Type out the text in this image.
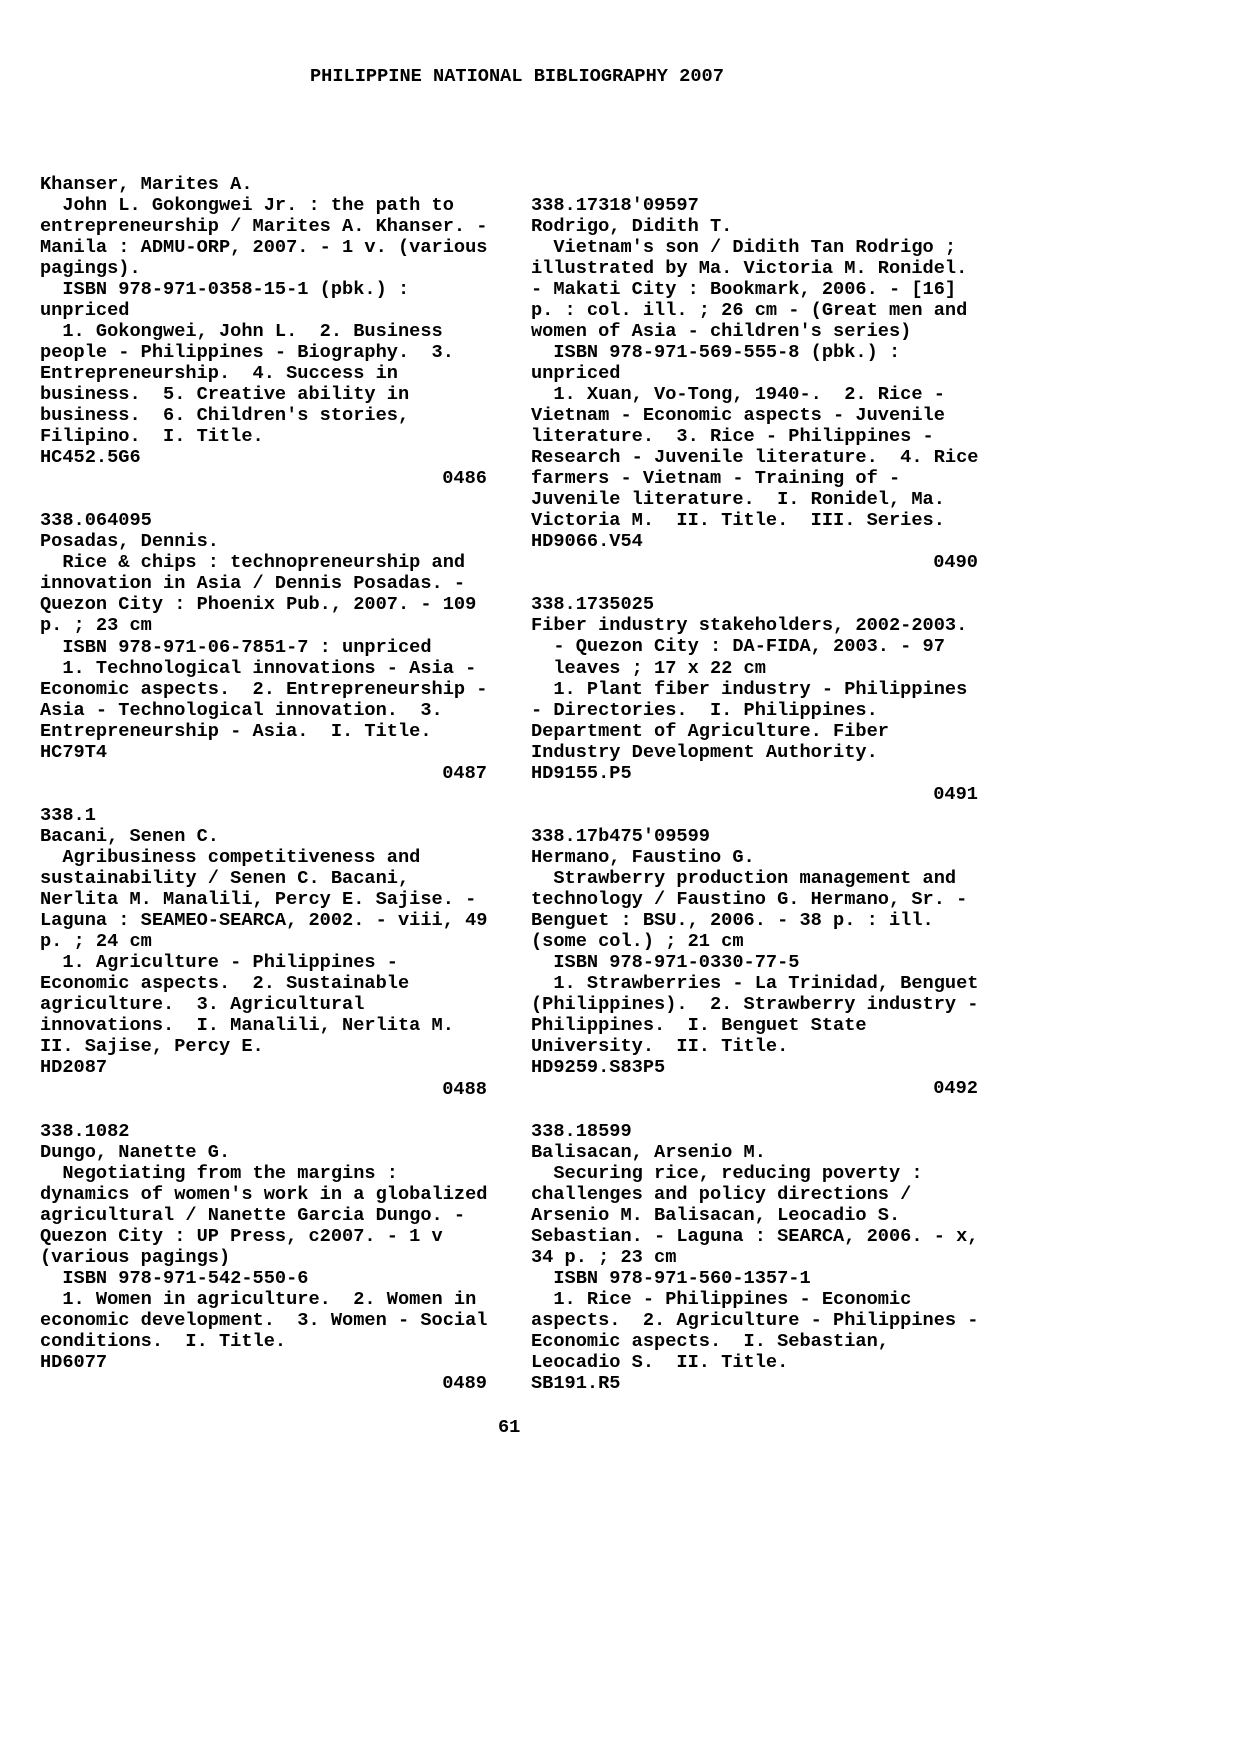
PHILIPPINE NATIONAL BIBLIOGRAPHY 2007
Khanser, Marites A.
John L. Gokongwei Jr. : the path to
entrepreneurship / Marites A. Khanser. -
Manila : ADMU-ORP, 2007. - 1 v. (various
pagings).
ISBN 978-971-0358-15-1 (pbk.) :
unpriced
1. Gokongwei, John L.  2. Business
people - Philippines - Biography.  3.
Entrepreneurship.  4. Success in
business.  5. Creative ability in
business.  6. Children's stories,
Filipino.  I. Title.
HC452.5G6
0486
338.064095
Posadas, Dennis.
Rice & chips : technopreneurship and
innovation in Asia / Dennis Posadas. -
Quezon City : Phoenix Pub., 2007. - 109
p. ; 23 cm
ISBN 978-971-06-7851-7 : unpriced
1. Technological innovations - Asia -
Economic aspects.  2. Entrepreneurship -
Asia - Technological innovation.  3.
Entrepreneurship - Asia.  I. Title.
HC79T4
0487
338.1
Bacani, Senen C.
Agribusiness competitiveness and
sustainability / Senen C. Bacani,
Nerlita M. Manalili, Percy E. Sajise. -
Laguna : SEAMEO-SEARCA, 2002. - viii, 49
p. ; 24 cm
1. Agriculture - Philippines -
Economic aspects.  2. Sustainable
agriculture.  3. Agricultural
innovations.  I. Manalili, Nerlita M.
II. Sajise, Percy E.
HD2087
0488
338.1082
Dungo, Nanette G.
Negotiating from the margins :
dynamics of women's work in a globalized
agricultural / Nanette Garcia Dungo. -
Quezon City : UP Press, c2007. - 1 v
(various pagings)
ISBN 978-971-542-550-6
1. Women in agriculture.  2. Women in
economic development.  3. Women - Social
conditions.  I. Title.
HD6077
0489
338.17318'09597
Rodrigo, Didith T.
Vietnam's son / Didith Tan Rodrigo ;
illustrated by Ma. Victoria M. Ronidel.
- Makati City : Bookmark, 2006. - [16]
p. : col. ill. ; 26 cm - (Great men and
women of Asia - children's series)
ISBN 978-971-569-555-8 (pbk.) :
unpriced
1. Xuan, Vo-Tong, 1940-.  2. Rice -
Vietnam - Economic aspects - Juvenile
literature.  3. Rice - Philippines -
Research - Juvenile literature.  4. Rice
farmers - Vietnam - Training of -
Juvenile literature.  I. Ronidel, Ma.
Victoria M.  II. Title.  III. Series.
HD9066.V54
0490
338.1735025
Fiber industry stakeholders, 2002-2003.
- Quezon City : DA-FIDA, 2003. - 97
leaves ; 17 x 22 cm
1. Plant fiber industry - Philippines
- Directories.  I. Philippines.
Department of Agriculture. Fiber
Industry Development Authority.
HD9155.P5
0491
338.17b475'09599
Hermano, Faustino G.
Strawberry production management and
technology / Faustino G. Hermano, Sr. -
Benguet : BSU., 2006. - 38 p. : ill.
(some col.) ; 21 cm
ISBN 978-971-0330-77-5
1. Strawberries - La Trinidad, Benguet
(Philippines).  2. Strawberry industry -
Philippines.  I. Benguet State
University.  II. Title.
HD9259.S83P5
0492
338.18599
Balisacan, Arsenio M.
Securing rice, reducing poverty :
challenges and policy directions /
Arsenio M. Balisacan, Leocadio S.
Sebastian. - Laguna : SEARCA, 2006. - x,
34 p. ; 23 cm
ISBN 978-971-560-1357-1
1. Rice - Philippines - Economic
aspects.  2. Agriculture - Philippines -
Economic aspects.  I. Sebastian,
Leocadio S.  II. Title.
SB191.R5
61
